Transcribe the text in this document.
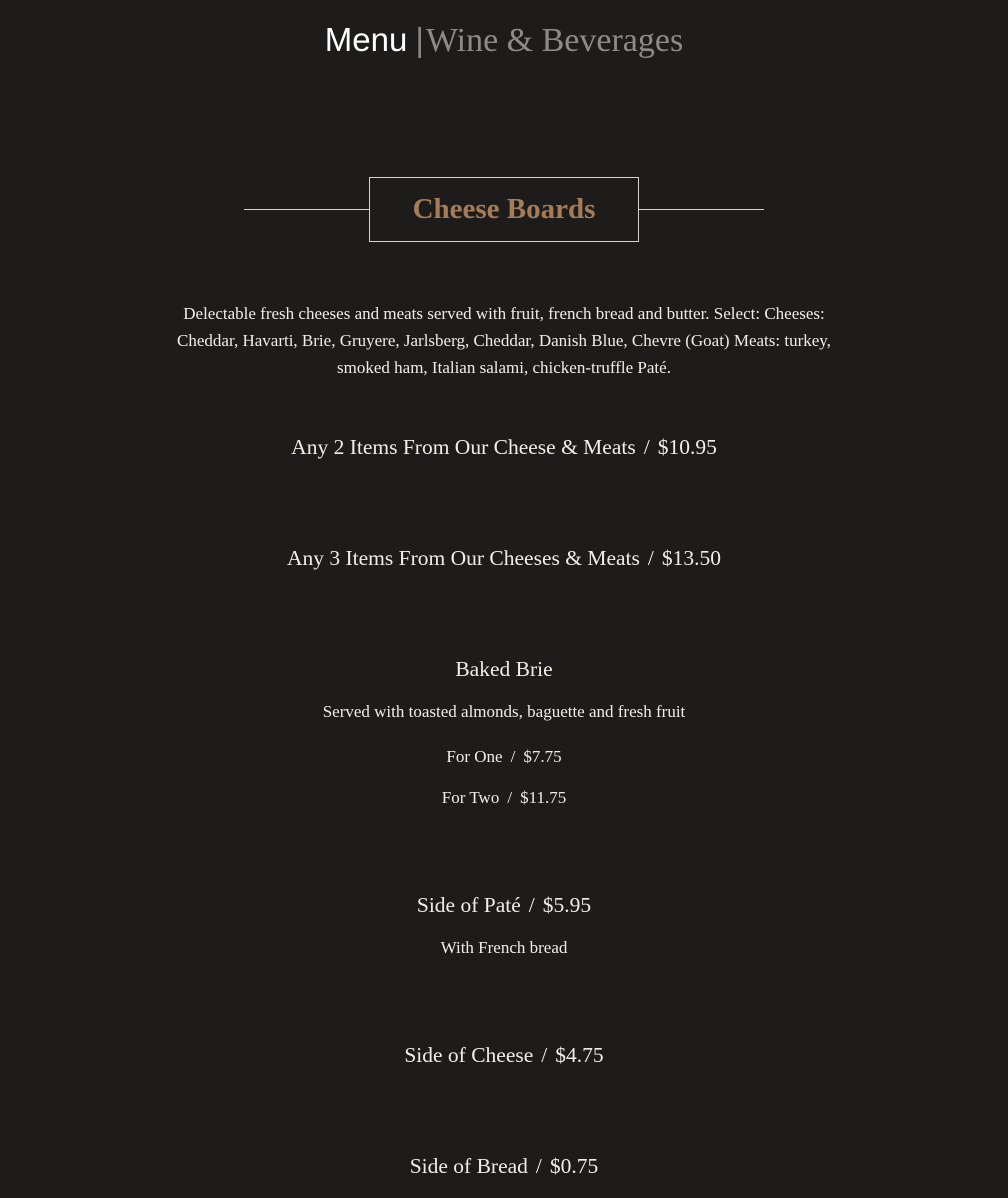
Menu |Wine & Beverages
Cheese Boards
Delectable fresh cheeses and meats served with fruit, french bread and butter. Select: Cheeses: Cheddar, Havarti, Brie, Gruyere, Jarlsberg, Cheddar, Danish Blue, Chevre (Goat) Meats: turkey, smoked ham, Italian salami, chicken-truffle Paté.
Any 2 Items From Our Cheese & Meats / $10.95
Any 3 Items From Our Cheeses & Meats / $13.50
Baked Brie
Served with toasted almonds, baguette and fresh fruit
For One / $7.75
For Two / $11.75
Side of Paté / $5.95
With French bread
Side of Cheese / $4.75
Side of Bread / $0.75
